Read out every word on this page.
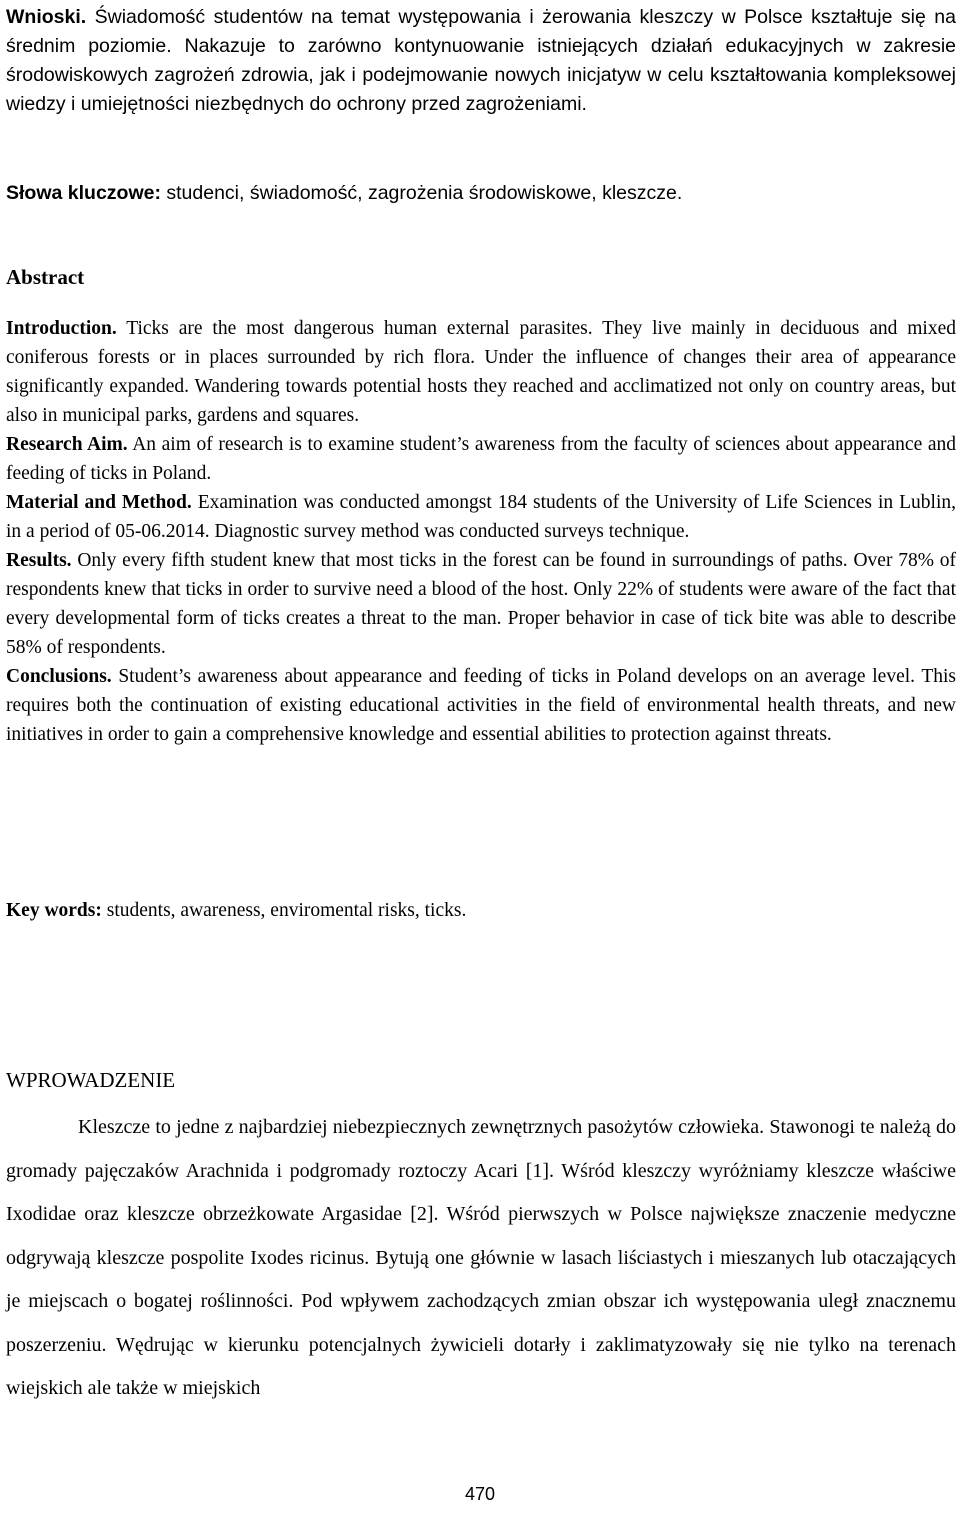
Wnioski. Świadomość studentów na temat występowania i żerowania kleszczy w Polsce kształtuje się na średnim poziomie. Nakazuje to zarówno kontynuowanie istniejących działań edukacyjnych w zakresie środowiskowych zagrożeń zdrowia, jak i podejmowanie nowych inicjatyw w celu kształtowania kompleksowej wiedzy i umiejętności niezbędnych do ochrony przed zagrożeniami.

Słowa kluczowe: studenci, świadomość, zagrożenia środowiskowe, kleszcze.

Abstract

Introduction. Ticks are the most dangerous human external parasites. They live mainly in deciduous and mixed coniferous forests or in places surrounded by rich flora. Under the influence of changes their area of appearance significantly expanded. Wandering towards potential hosts they reached and acclimatized not only on country areas, but also in municipal parks, gardens and squares.

Research Aim. An aim of research is to examine student’s awareness from the faculty of sciences about appearance and feeding of ticks in Poland.

Material and Method. Examination was conducted amongst 184 students of the University of Life Sciences in Lublin, in a period of 05-06.2014. Diagnostic survey method was conducted surveys technique.

Results. Only every fifth student knew that most ticks in the forest can be found in surroundings of paths. Over 78% of respondents knew that ticks in order to survive need a blood of the host. Only 22% of students were aware of the fact that every developmental form of ticks creates a threat to the man. Proper behavior in case of tick bite was able to describe 58% of respondents.

Conclusions. Student’s awareness about appearance and feeding of ticks in Poland develops on an average level. This requires both the continuation of existing educational activities in the field of environmental health threats, and new initiatives in order to gain a comprehensive knowledge and essential abilities to protection against threats.

Key words: students, awareness, enviromental risks, ticks.

WPROWADZENIE

Kleszcze to jedne z najbardziej niebezpiecznych zewnętrznych pasożytów człowieka. Stawonogi te należą do gromady pajęczaków Arachnida i podgromady roztoczy Acari [1]. Wśród kleszczy wyróżniamy kleszcze właściwe Ixodidae oraz kleszcze obrzeżkowate Argasidae [2]. Wśród pierwszych w Polsce największe znaczenie medyczne odgrywają kleszcze pospolite Ixodes ricinus. Bytują one głównie w lasach liściastych i mieszanych lub otaczających je miejscach o bogatej roślinności. Pod wpływem zachodzących zmian obszar ich występowania uległ znacznemu poszerzeniu. Wędrując w kierunku potencjalnych żywicieli dotarły i zaklimatyzowały się nie tylko na terenach wiejskich ale także w miejskich

470
